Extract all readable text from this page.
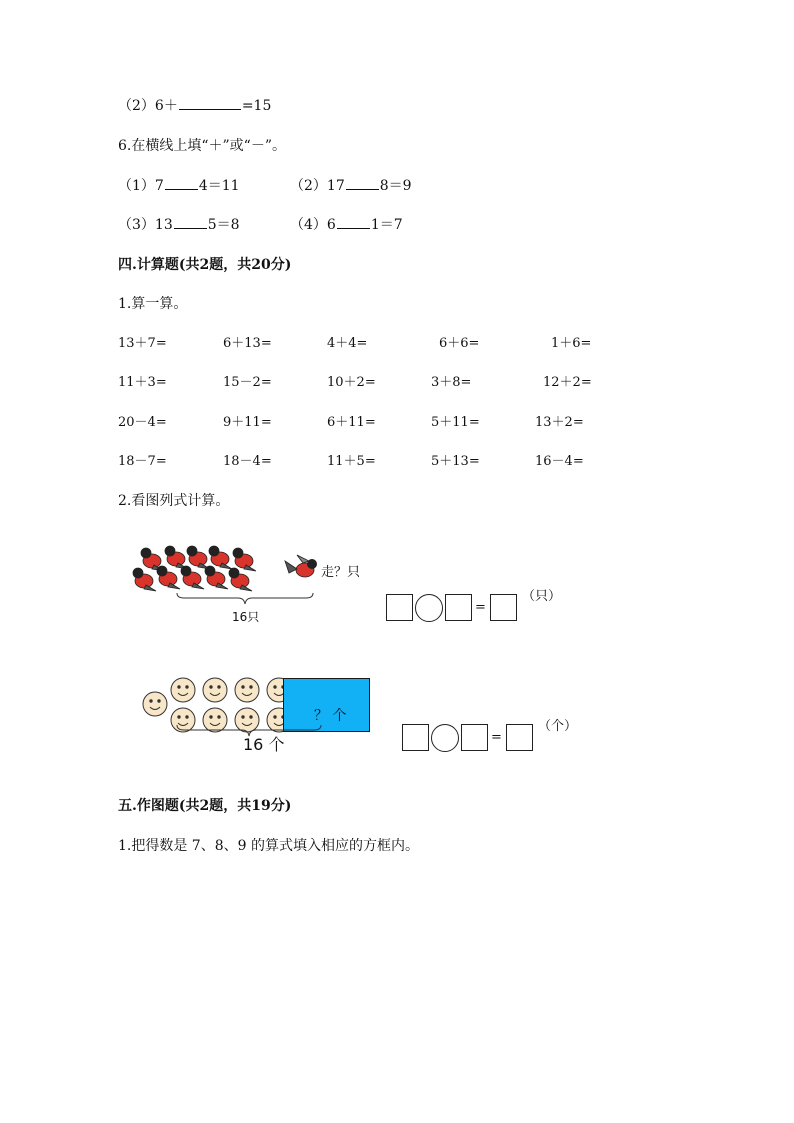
（2）6＋	=15
6.在横线上填“＋”或“－”。
（1）7	4＝11	（2）17	8＝9
（3）13	5＝8	（4）6	1＝7
四.计算题(共2题，共20分)
1.算一算。
13＋7=	6＋13=	4＋4=	6＋6=	1＋6=
11＋3=	15－2=	10＋2=	3＋8=	12＋2=
20－4=	9＋11=	6＋11=	5＋11=	13＋2=
18－7=	18－4=	11＋5=	5＋13=	16－4=
2.看图列式计算。
走？只
16只
=
（只）
？ 个
16 个	=
（个）
五.作图题(共2题，共19分)
1.把得数是 7、8、9 的算式填入相应的方框内。
